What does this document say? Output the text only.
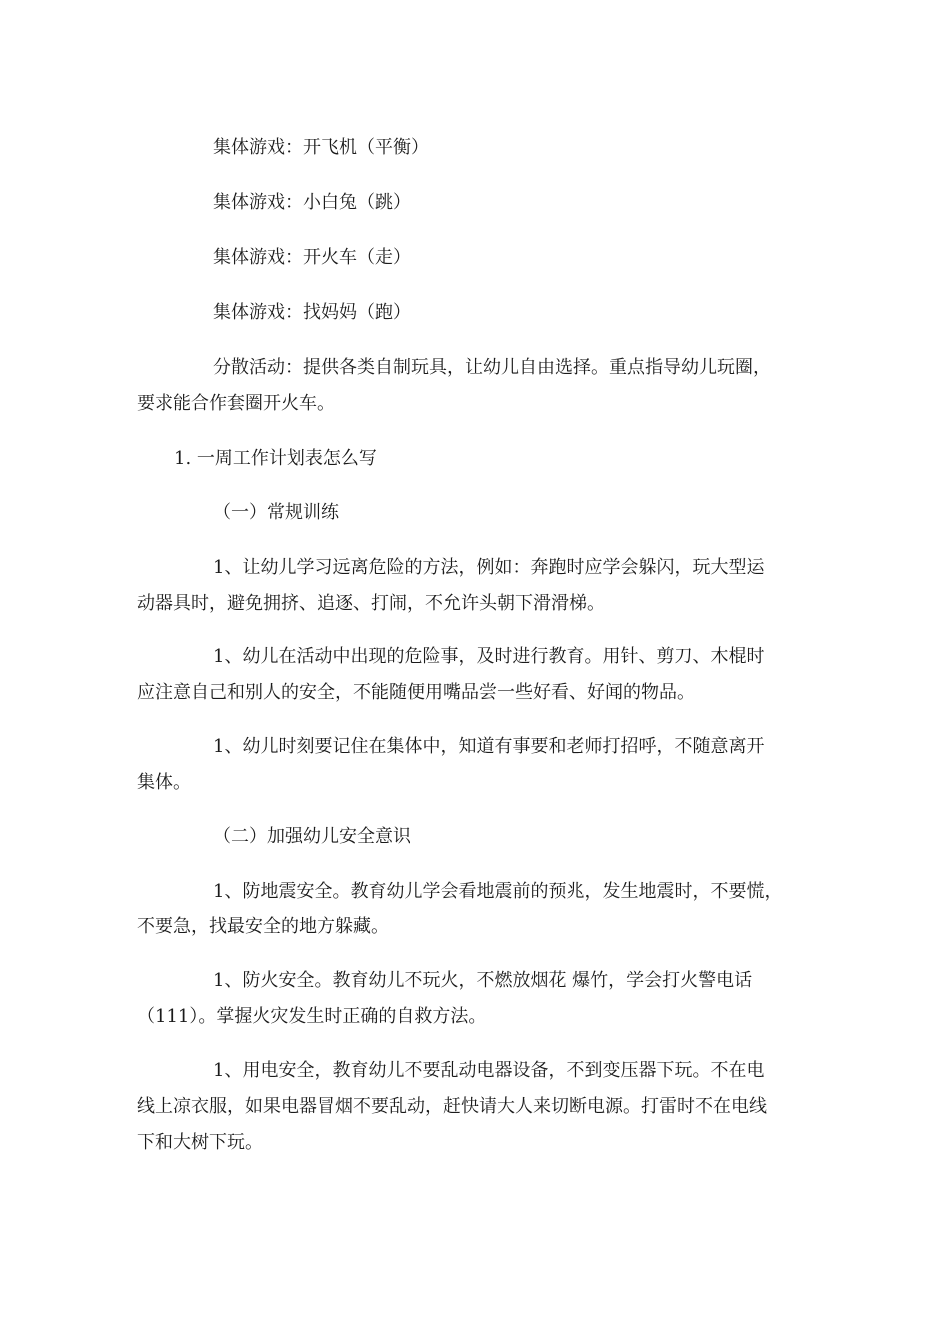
集体游戏：开飞机（平衡）
集体游戏：小白兔（跳）
集体游戏：开火车（走）
集体游戏：找妈妈（跑）
分散活动：提供各类自制玩具，让幼儿自由选择。重点指导幼儿玩圈，
要求能合作套圈开火车。
1. 一周工作计划表怎么写
（一）常规训练
1、让幼儿学习远离危险的方法，例如：奔跑时应学会躲闪，玩大型运
动器具时，避免拥挤、追逐、打闹，不允许头朝下滑滑梯。
1、幼儿在活动中出现的危险事，及时进行教育。用针、剪刀、木棍时
应注意自己和别人的安全，不能随便用嘴品尝一些好看、好闻的物品。
1、幼儿时刻要记住在集体中，知道有事要和老师打招呼，不随意离开
集体。
（二）加强幼儿安全意识
1、防地震安全。教育幼儿学会看地震前的预兆，发生地震时，不要慌，
不要急，找最安全的地方躲藏。
1、防火安全。教育幼儿不玩火，不燃放烟花 爆竹，学会打火警电话
（111）。掌握火灾发生时正确的自救方法。
1、用电安全，教育幼儿不要乱动电器设备，不到变压器下玩。不在电
线上凉衣服，如果电器冒烟不要乱动，赶快请大人来切断电源。打雷时不在电线
下和大树下玩。
